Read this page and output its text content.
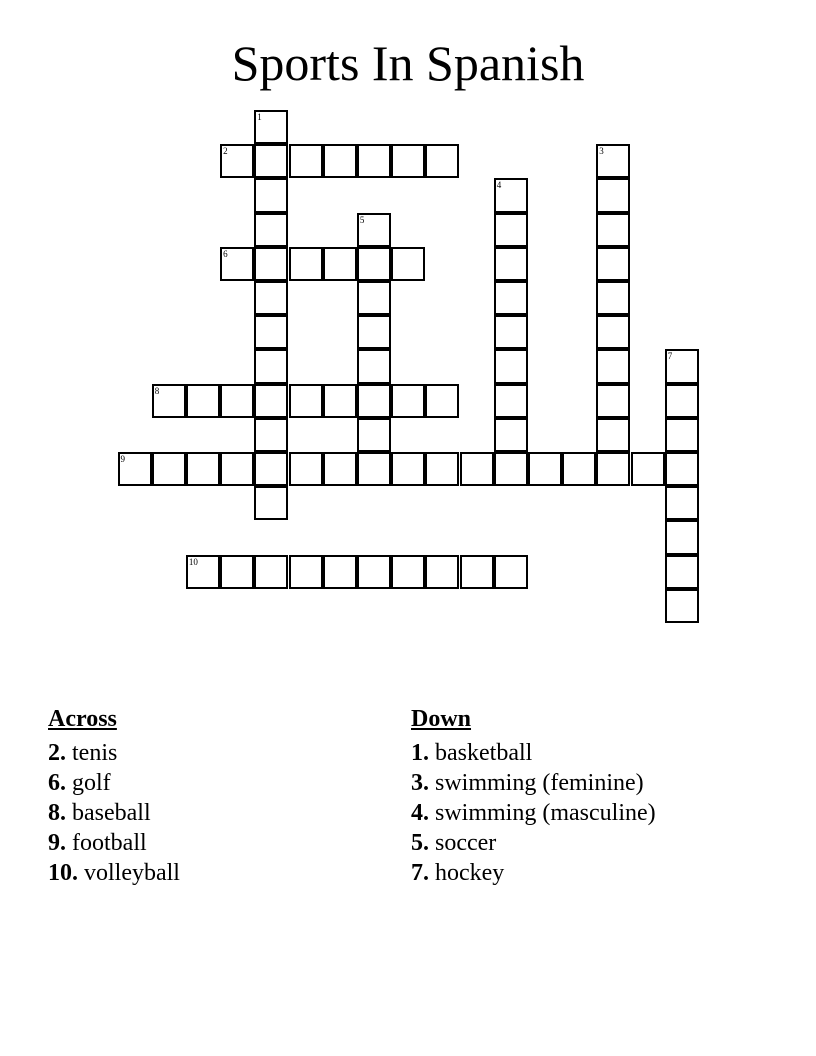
Sports In Spanish
1
2	3
4
5
6
7
8
9
10
Across
2. tenis
6. golf
8. baseball
9. football
10. volleyball
Down
1. basketball
3. swimming (feminine)
4. swimming (masculine)
5. soccer
7. hockey
